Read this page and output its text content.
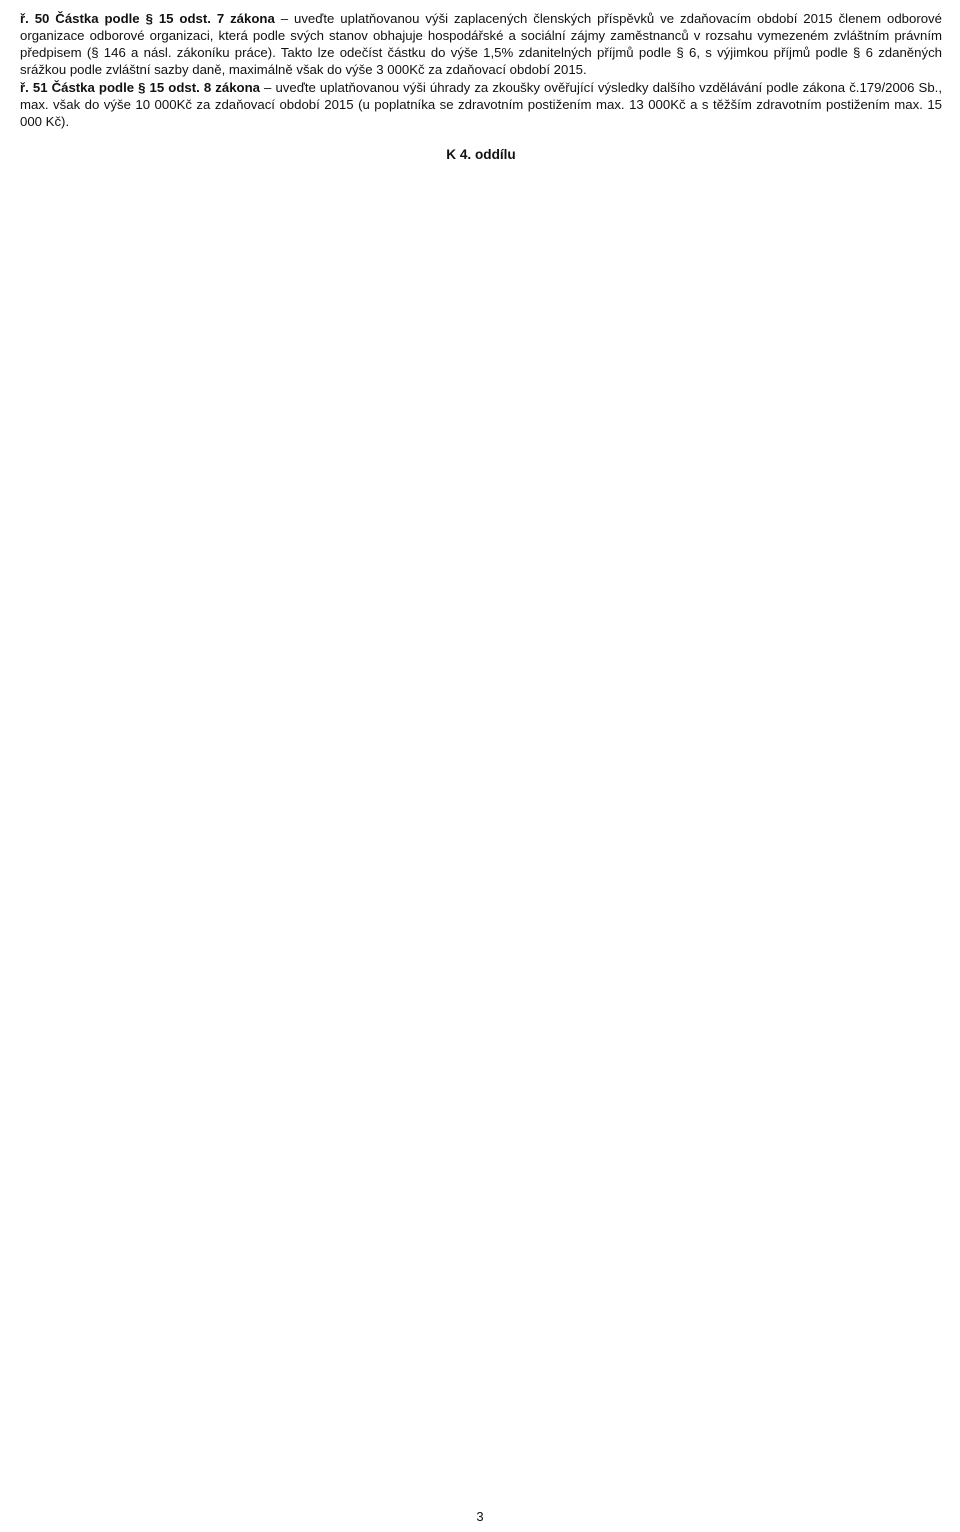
ř. 50 Částka podle § 15 odst. 7 zákona – uveďte uplatňovanou výši zaplacených členských příspěvků ve zdaňovacím období 2015 členem odborové organizace odborové organizaci, která podle svých stanov obhajuje hospodářské a sociální zájmy zaměstnanců v rozsahu vymezeném zvláštním právním předpisem (§ 146 a násl. zákoníku práce). Takto lze odečíst částku do výše 1,5% zdanitelných příjmů podle § 6, s výjimkou příjmů podle § 6 zdaněných srážkou podle zvláštní sazby daně, maximálně však do výše 3 000Kč za zdaňovací období 2015.

ř. 51 Částka podle § 15 odst. 8 zákona – uveďte uplatňovanou výši úhrady za zkoušky ověřující výsledky dalšího vzdělávání podle zákona č.179/2006 Sb., max. však do výše 10 000Kč za zdaňovací období 2015 (u poplatníka se zdravotním postižením max. 13 000Kč a s těžším zdravotním postižením max. 15 000 Kč).

K 4. oddílu
3
